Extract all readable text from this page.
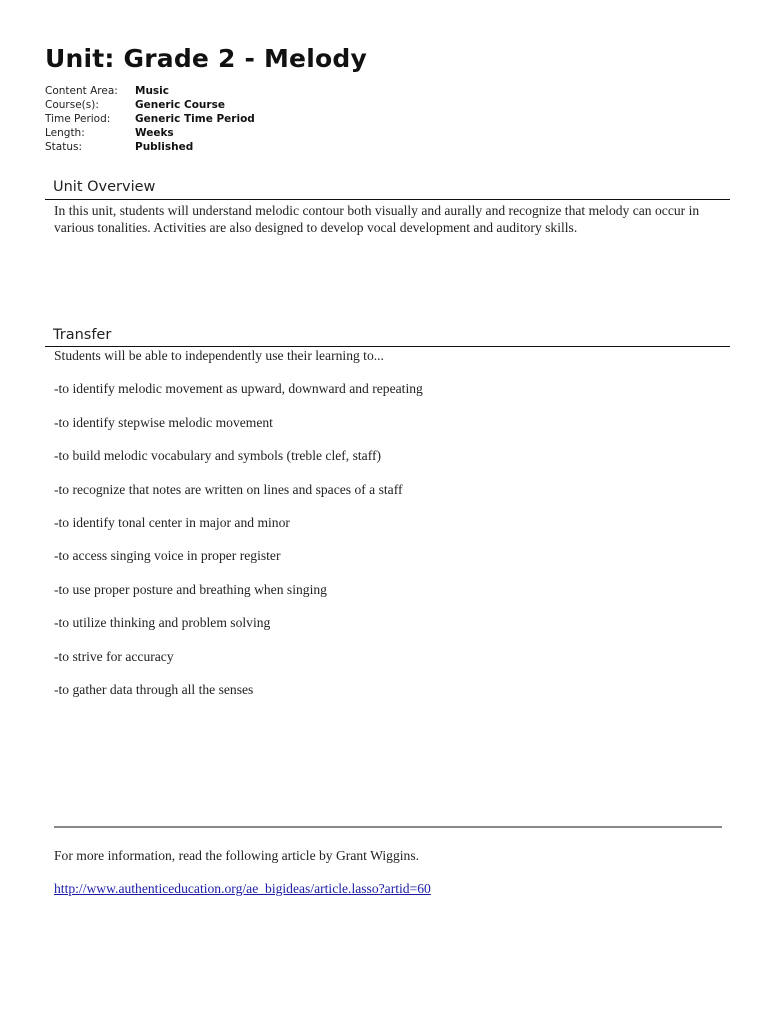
Unit: Grade 2 - Melody
Content Area:	Music
Course(s):	Generic Course
Time Period:	Generic Time Period
Length:	Weeks
Status:	Published
Unit Overview
In this unit, students will understand melodic contour both visually and aurally and recognize that melody can occur in various tonalities. Activities are also designed to develop vocal development and auditory skills.
Transfer
Students will be able to independently use their learning to...
-to identify melodic movement as upward, downward and repeating
-to identify stepwise melodic movement
-to build melodic vocabulary and symbols (treble clef, staff)
-to recognize that notes are written on lines and spaces of a staff
-to identify tonal center in major and minor
-to access singing voice in proper register
-to use proper posture and breathing when singing
-to utilize thinking and problem solving
-to strive for accuracy
-to gather data through all the senses
For more information, read the following article by Grant Wiggins.
http://www.authenticeducation.org/ae_bigideas/article.lasso?artid=60
